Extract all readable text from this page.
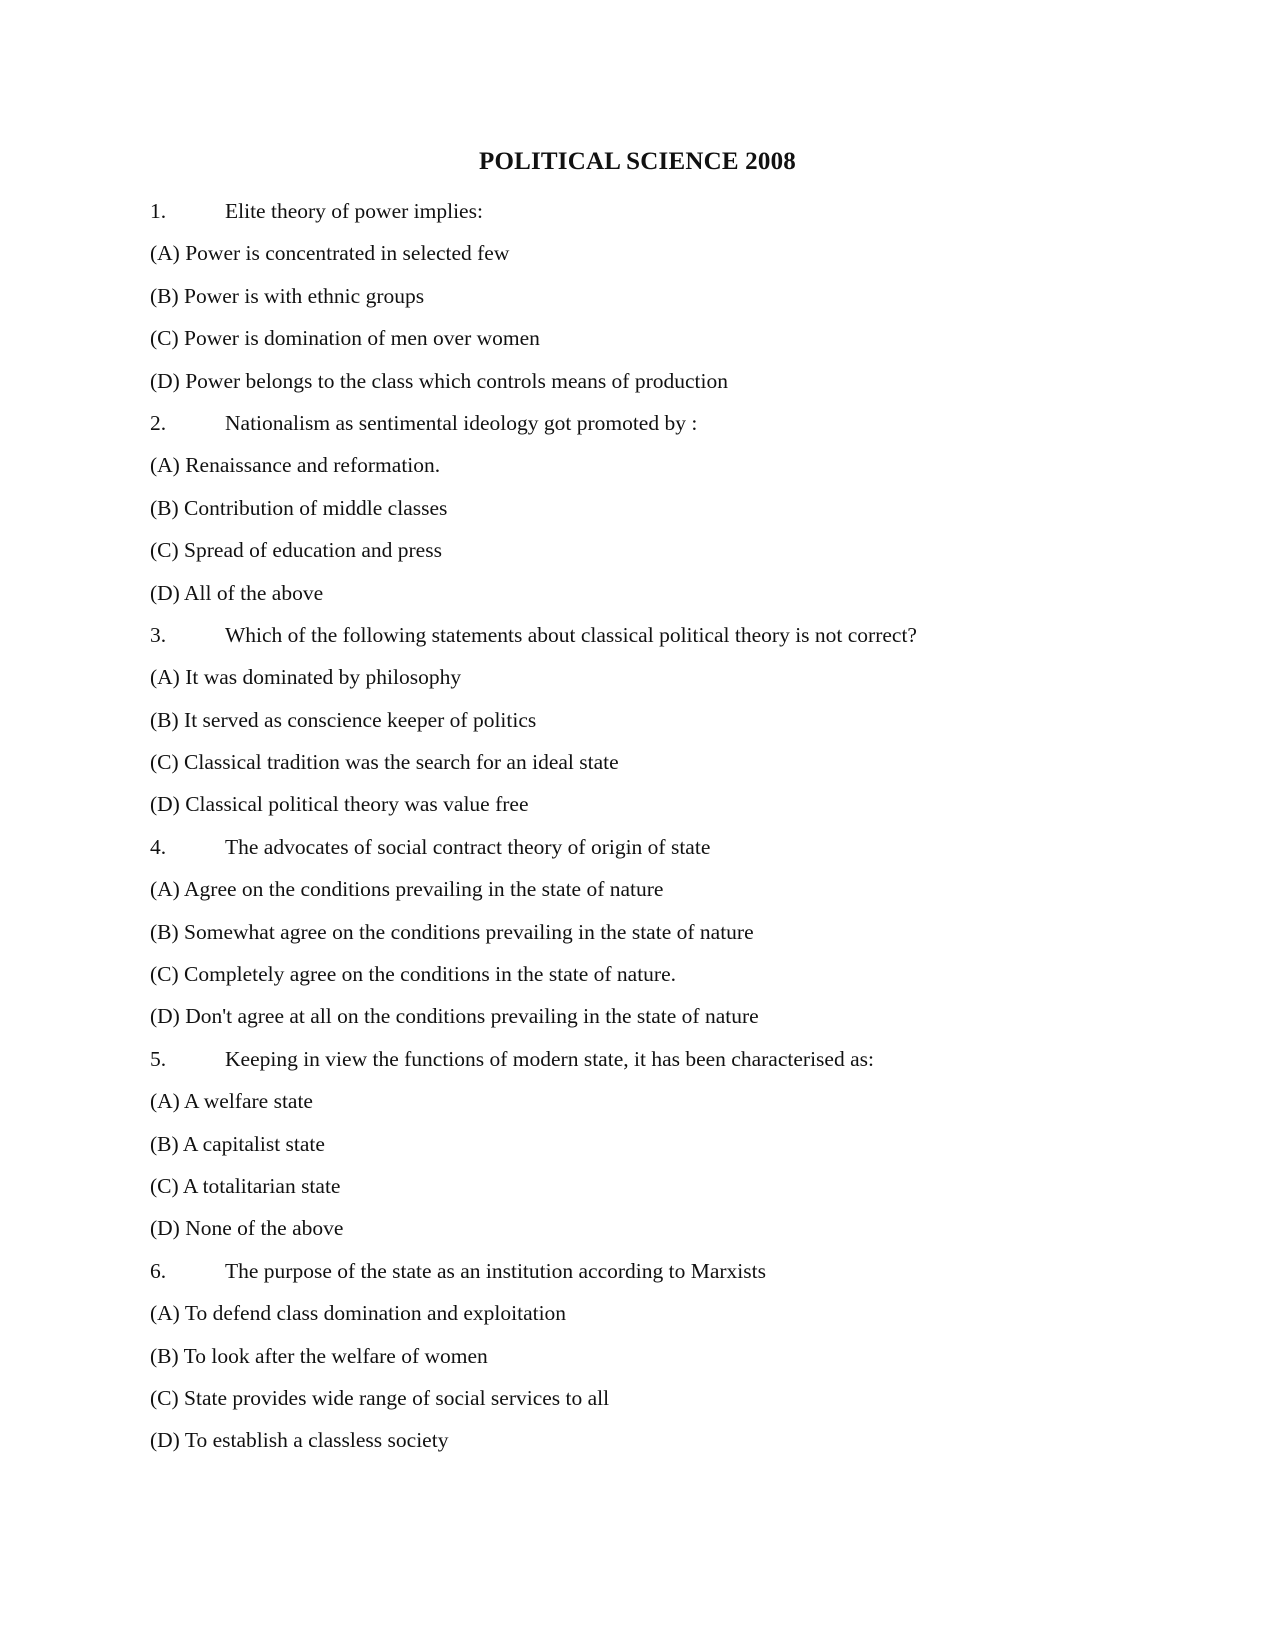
POLITICAL SCIENCE 2008
1.	Elite theory of power implies:
(A) Power is concentrated in selected few
(B) Power is with ethnic groups
(C) Power is domination of men over women
(D) Power belongs to the class which controls means of production
2.	Nationalism as sentimental ideology got promoted by :
(A) Renaissance and reformation.
(B) Contribution of middle classes
(C) Spread of education and press
(D) All of the above
3.	Which of the following statements about classical political theory is not correct?
(A) It was dominated by philosophy
(B) It served as conscience keeper of politics
(C) Classical tradition was the search for an ideal state
(D) Classical political theory was value free
4.	The advocates of social contract theory of origin of state
(A) Agree on the conditions prevailing in the state of nature
(B) Somewhat agree on the conditions prevailing in the state of nature
(C) Completely agree on the conditions in the state of nature.
(D) Don't agree at all on the conditions prevailing in the state of nature
5.	Keeping in view the functions of modern state, it has been characterised as:
(A) A welfare state
(B) A capitalist state
(C) A totalitarian state
(D) None of the above
6.	The purpose of the state as an institution according to Marxists
(A) To defend class domination and exploitation
(B) To look after the welfare of women
(C) State provides wide range of social services to all
(D) To establish a classless society
